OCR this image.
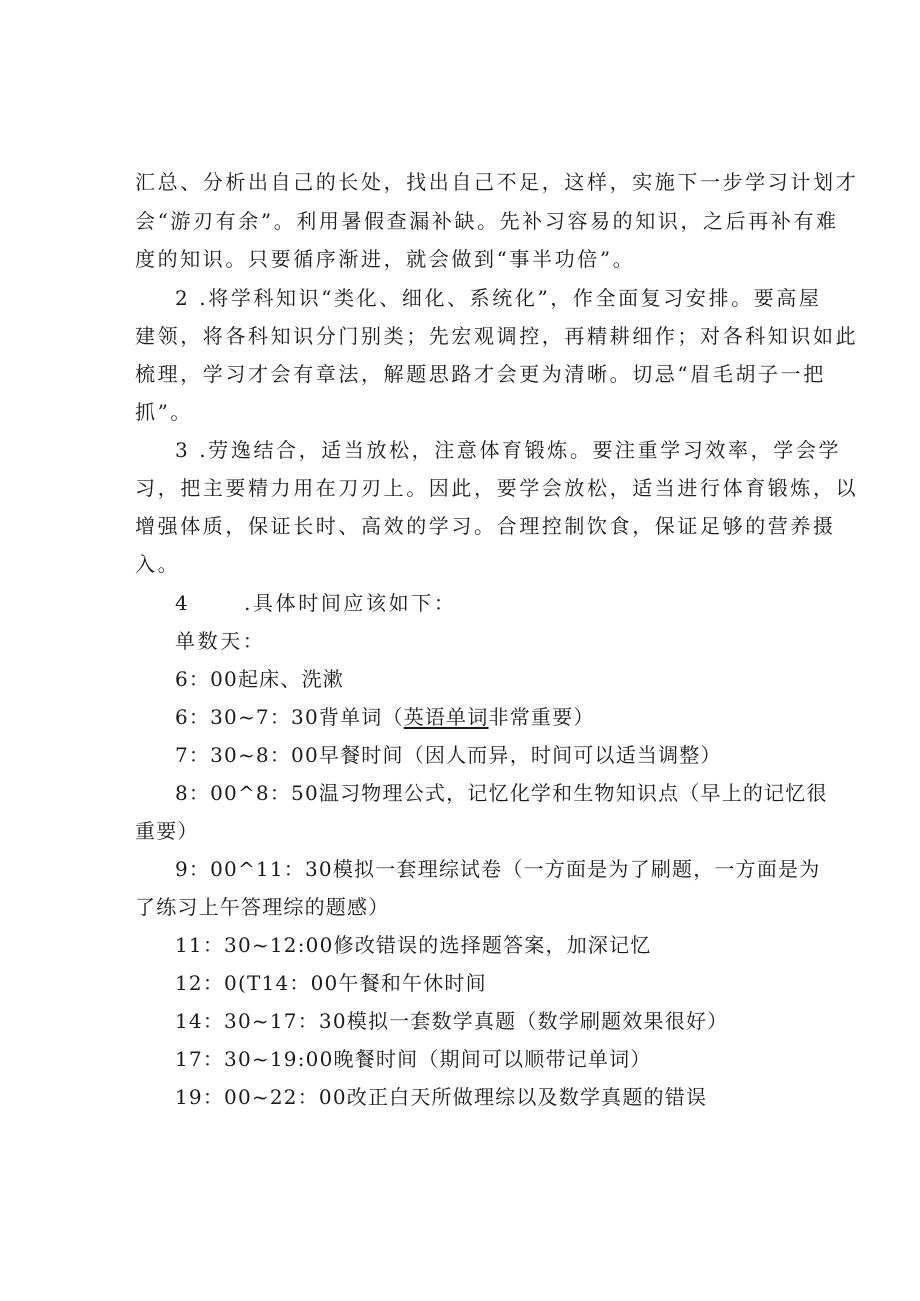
汇总、分析出自己的长处，找出自己不足，这样，实施下一步学习计划才
会“游刃有余”。利用暑假查漏补缺。先补习容易的知识，之后再补有难
度的知识。只要循序渐进，就会做到“事半功倍”。
2 .将学科知识“类化、细化、系统化”，作全面复习安排。要高屋
建领，将各科知识分门别类；先宏观调控，再精耕细作；对各科知识如此
梳理，学习才会有章法，解题思路才会更为清晰。切忌“眉毛胡子一把
抓”。
3 .劳逸结合，适当放松，注意体育锻炼。要注重学习效率，学会学
习，把主要精力用在刀刃上。因此，要学会放松，适当进行体育锻炼，以
增强体质，保证长时、高效的学习。合理控制饮食，保证足够的营养摄
入。
4      .具体时间应该如下：
单数天：
6：00起床、洗漱
6：30~7：30背单词（英语单词非常重要）
7：30~8：00早餐时间（因人而异，时间可以适当调整）
8：00^8：50温习物理公式，记忆化学和生物知识点（早上的记忆很
重要）
9：00^11：30模拟一套理综试卷（一方面是为了刷题，一方面是为
了练习上午答理综的题感）
11：30~12:00修改错误的选择题答案，加深记忆
12：0(T14：00午餐和午休时间
14：30~17：30模拟一套数学真题（数学刷题效果很好）
17：30~19:00晚餐时间（期间可以顺带记单词）
19：00~22：00改正白天所做理综以及数学真题的错误
